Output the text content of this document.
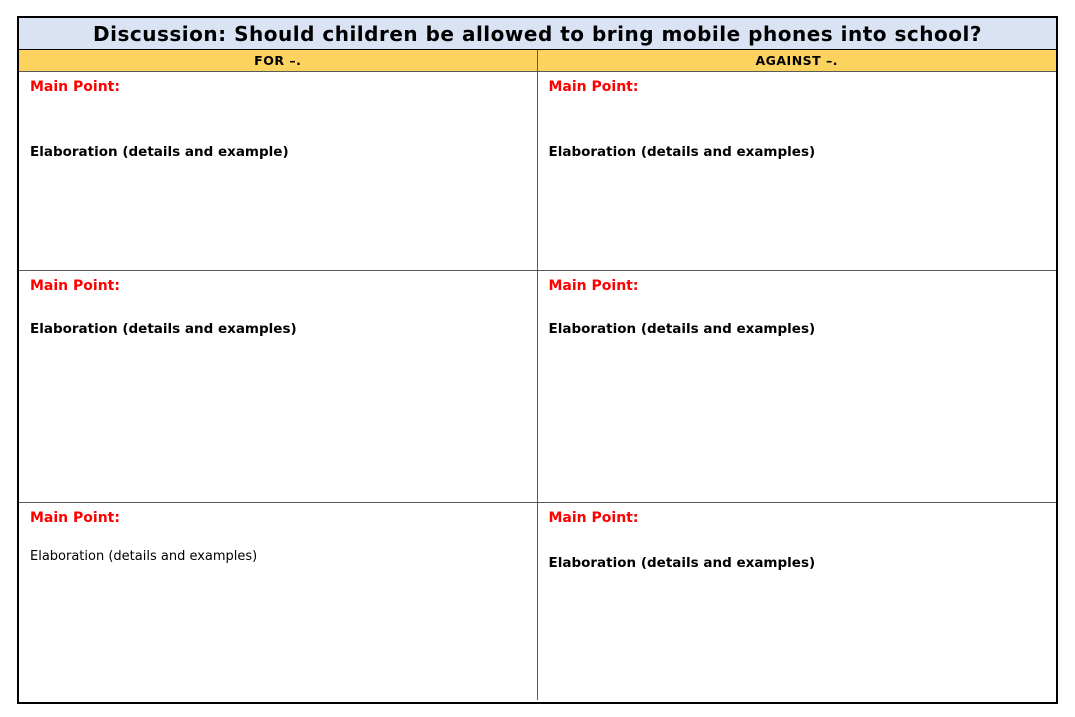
Discussion: Should children be allowed to bring mobile phones into school?
FOR –.	AGAINST –.
Main Point:
Elaboration (details and example)
Main Point:
Elaboration (details and examples)
Main Point:
Elaboration (details and examples)
Main Point:
Elaboration (details and examples)
Main Point:
Elaboration (details and examples)
Main Point:
Elaboration (details and examples)
